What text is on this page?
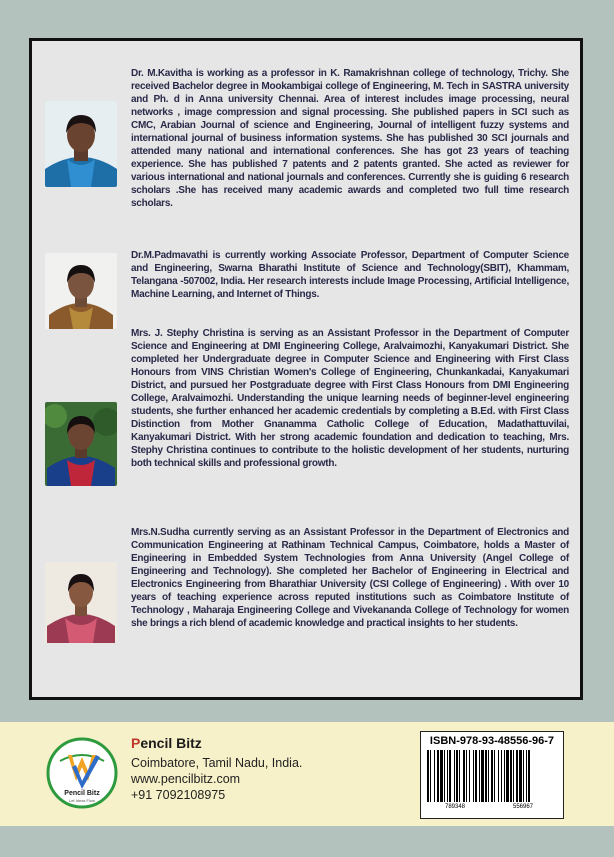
Dr. M.Kavitha is working as a professor in K. Ramakrishnan college of technology, Trichy. She received Bachelor degree in Mookambigai college of Engineering, M. Tech in SASTRA university and Ph. d in Anna university Chennai. Area of interest includes image processing, neural networks , image compression and signal processing. She published papers in SCI such as CMC, Arabian Journal of science and Engineering, Journal of intelligent fuzzy systems and international journal of business information systems. She has published 30 SCI journals and attended many national and international conferences. She has got 23 years of teaching experience. She has published 7 patents and 2 patents granted. She acted as reviewer for various international and national journals and conferences. Currently she is guiding 6 research scholars .She has received many academic awards and completed two full time research scholars.

Dr.M.Padmavathi is currently working Associate Professor, Department of Computer Science and Engineering, Swarna Bharathi Institute of Science and Technology(SBIT), Khammam, Telangana -507002, India. Her research interests include Image Processing, Artificial Intelligence, Machine Learning, and Internet of Things.

Mrs. J. Stephy Christina is serving as an Assistant Professor in the Department of Computer Science and Engineering at DMI Engineering College, Aralvaimozhi, Kanyakumari District. She completed her Undergraduate degree in Computer Science and Engineering with First Class Honours from VINS Christian Women's College of Engineering, Chunkankadai, Kanyakumari District, and pursued her Postgraduate degree with First Class Honours from DMI Engineering College, Aralvaimozhi. Understanding the unique learning needs of beginner-level engineering students, she further enhanced her academic credentials by completing a B.Ed. with First Class Distinction from Mother Gnanamma Catholic College of Education, Madathattuvilai, Kanyakumari District. With her strong academic foundation and dedication to teaching, Mrs. Stephy Christina continues to contribute to the holistic development of her students, nurturing both technical skills and professional growth.

Mrs.N.Sudha currently serving as an Assistant Professor in the Department of Electronics and Communication Engineering at Rathinam Technical Campus, Coimbatore, holds a Master of Engineering in Embedded System Technologies from Anna University (Angel College of Engineering and Technology). She completed her Bachelor of Engineering in Electrical and Electronics Engineering from Bharathiar University (CSI College of Engineering) . With over 10 years of teaching experience across reputed institutions such as Coimbatore Institute of Technology , Maharaja Engineering College and Vivekananda College of Technology for women she brings a rich blend of academic knowledge and practical insights to her students.

Pencil Bitz
Let Ideas Flow

Pencil Bitz

Coimbatore, Tamil Nadu, India.

www.pencilbitz.com

+91 7092108975

ISBN-978-93-48556-96-7
789348	556967
